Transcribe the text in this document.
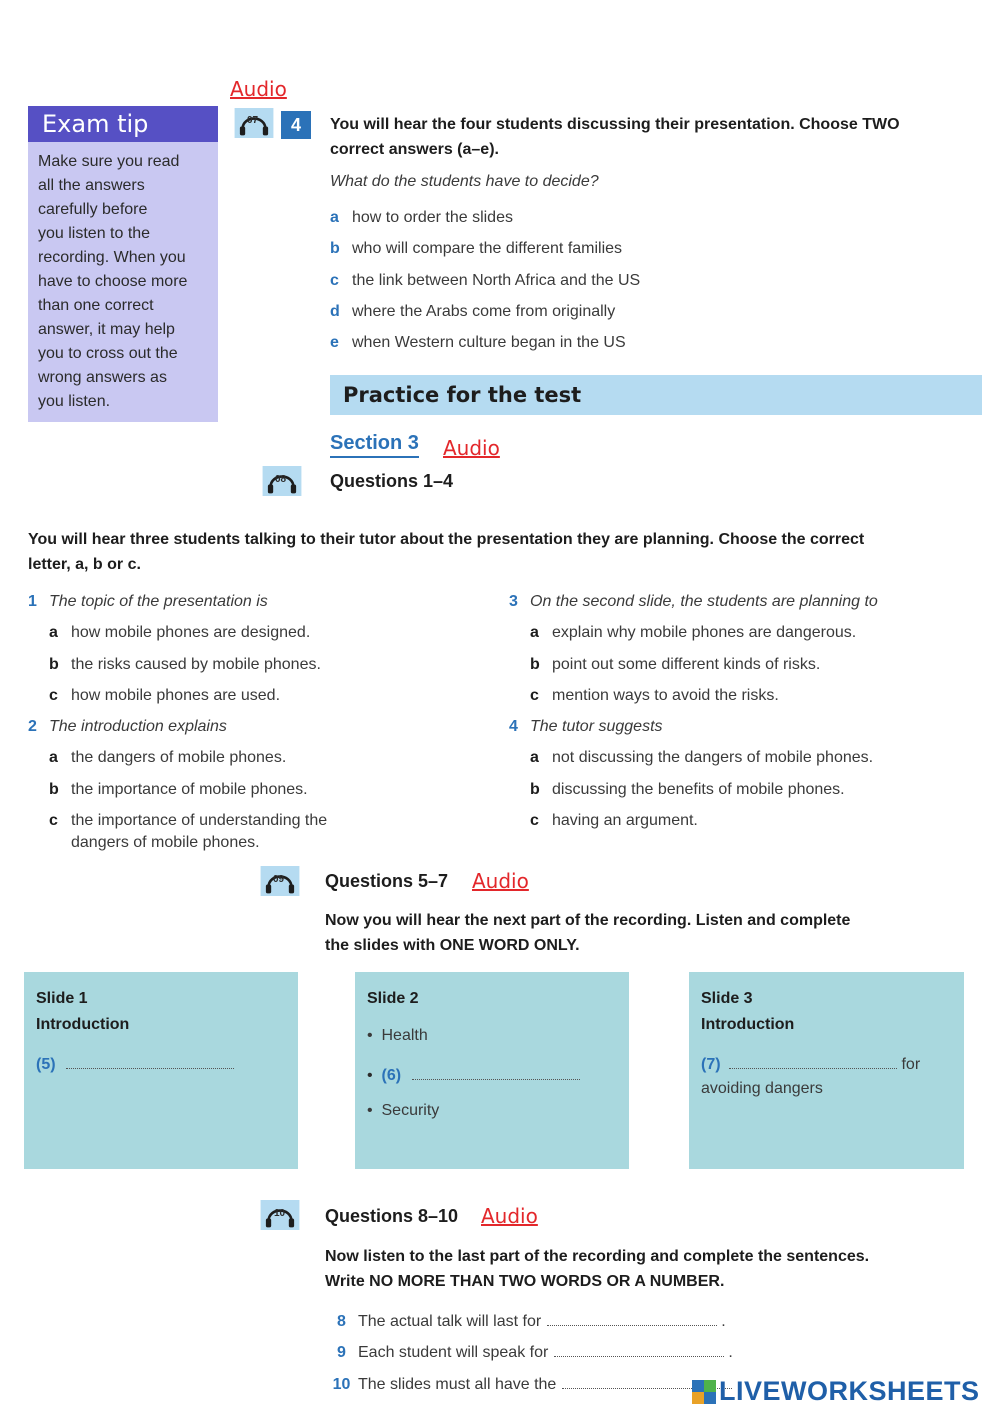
Audio
Exam tip
Make sure you read
all the answers
carefully before
you listen to the
recording. When you
have to choose more
than one correct
answer, it may help
you to cross out the
wrong answers as
you listen.
07	4	You will hear the four students discussing their presentation. Choose TWO
correct answers (a–e).
What do the students have to decide?
a how to order the slides
b who will compare the different families
c the link between North Africa and the US
d where the Arabs come from originally
e when Western culture began in the US
Practice for the test
Section 3 Audio
08 Questions 1–4
You will hear three students talking to their tutor about the presentation they are planning. Choose the correct
letter, a, b or c.
1 The topic of the presentation is
a how mobile phones are designed.
b the risks caused by mobile phones.
c how mobile phones are used.
2 The introduction explains
a the dangers of mobile phones.
b the importance of mobile phones.
c the importance of understanding the
dangers of mobile phones.
3 On the second slide, the students are planning to
a explain why mobile phones are dangerous.
b point out some different kinds of risks.
c mention ways to avoid the risks.
4 The tutor suggests
a not discussing the dangers of mobile phones.
b discussing the benefits of mobile phones.
c having an argument.
09 Questions 5–7 Audio
Now you will hear the next part of the recording. Listen and complete
the slides with ONE WORD ONLY.
Slide 1
Introduction
(5)
Slide 2
•  Health
•  (6)
•  Security
Slide 3
Introduction
(7)	for
avoiding dangers
10 Questions 8–10 Audio
Now listen to the last part of the recording and complete the sentences.
Write NO MORE THAN TWO WORDS OR A NUMBER.
8 The actual talk will last for	.
9 Each student will speak for	.
10 The slides must all have the	LIVEWORKSHEETS
